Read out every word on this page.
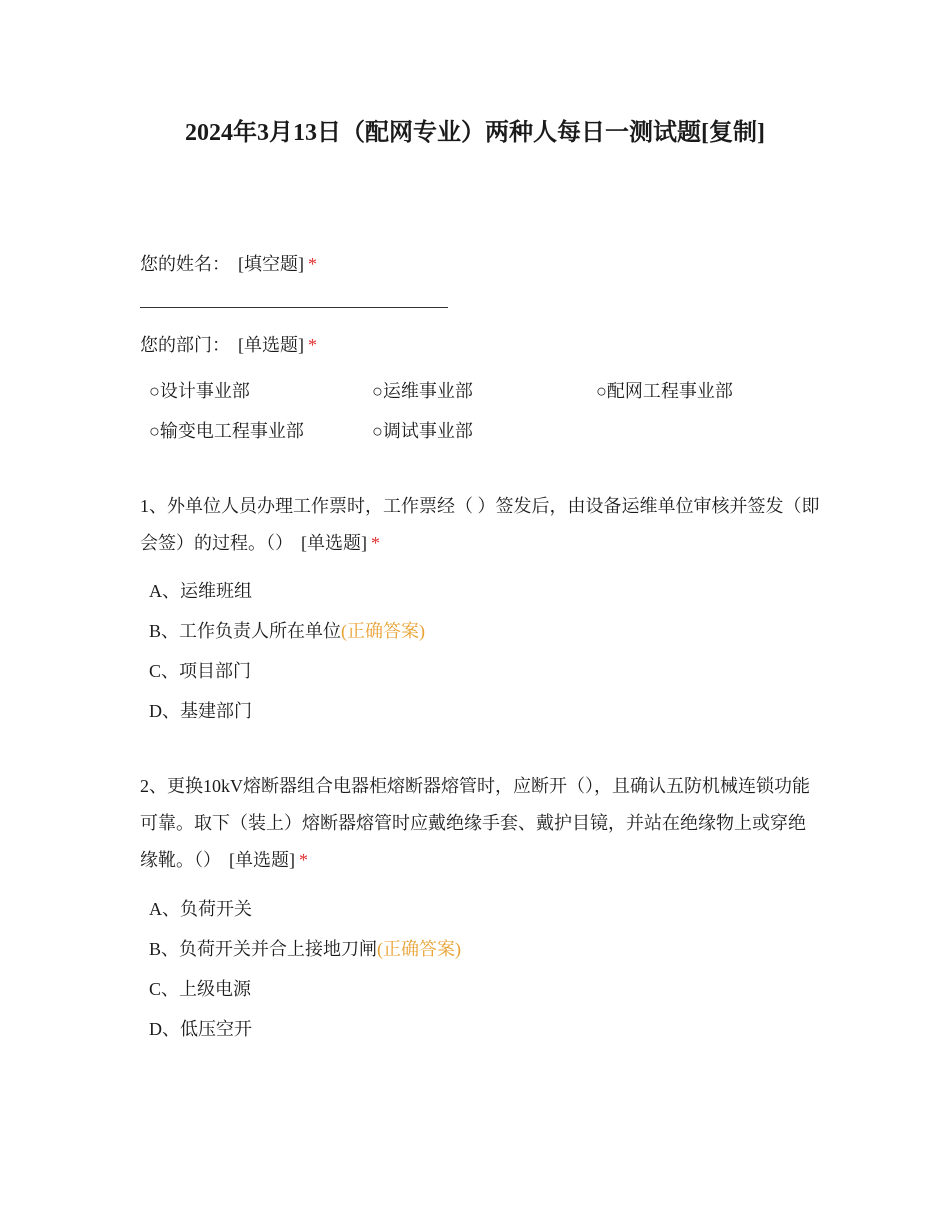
2024年3月13日（配网专业）两种人每日一测试题[复制]
您的姓名： [填空题] *
您的部门： [单选题] *
○设计事业部	○运维事业部	○配网工程事业部
○输变电工程事业部	○调试事业部
1、外单位人员办理工作票时，工作票经（ ）签发后，由设备运维单位审核并签发（即会签）的过程。（） [单选题] *
A、运维班组
B、工作负责人所在单位(正确答案)
C、项目部门
D、基建部门
2、更换10kV熔断器组合电器柜熔断器熔管时，应断开（），且确认五防机械连锁功能可靠。取下（装上）熔断器熔管时应戴绝缘手套、戴护目镜，并站在绝缘物上或穿绝缘靴。（） [单选题] *
A、负荷开关
B、负荷开关并合上接地刀闸(正确答案)
C、上级电源
D、低压空开
